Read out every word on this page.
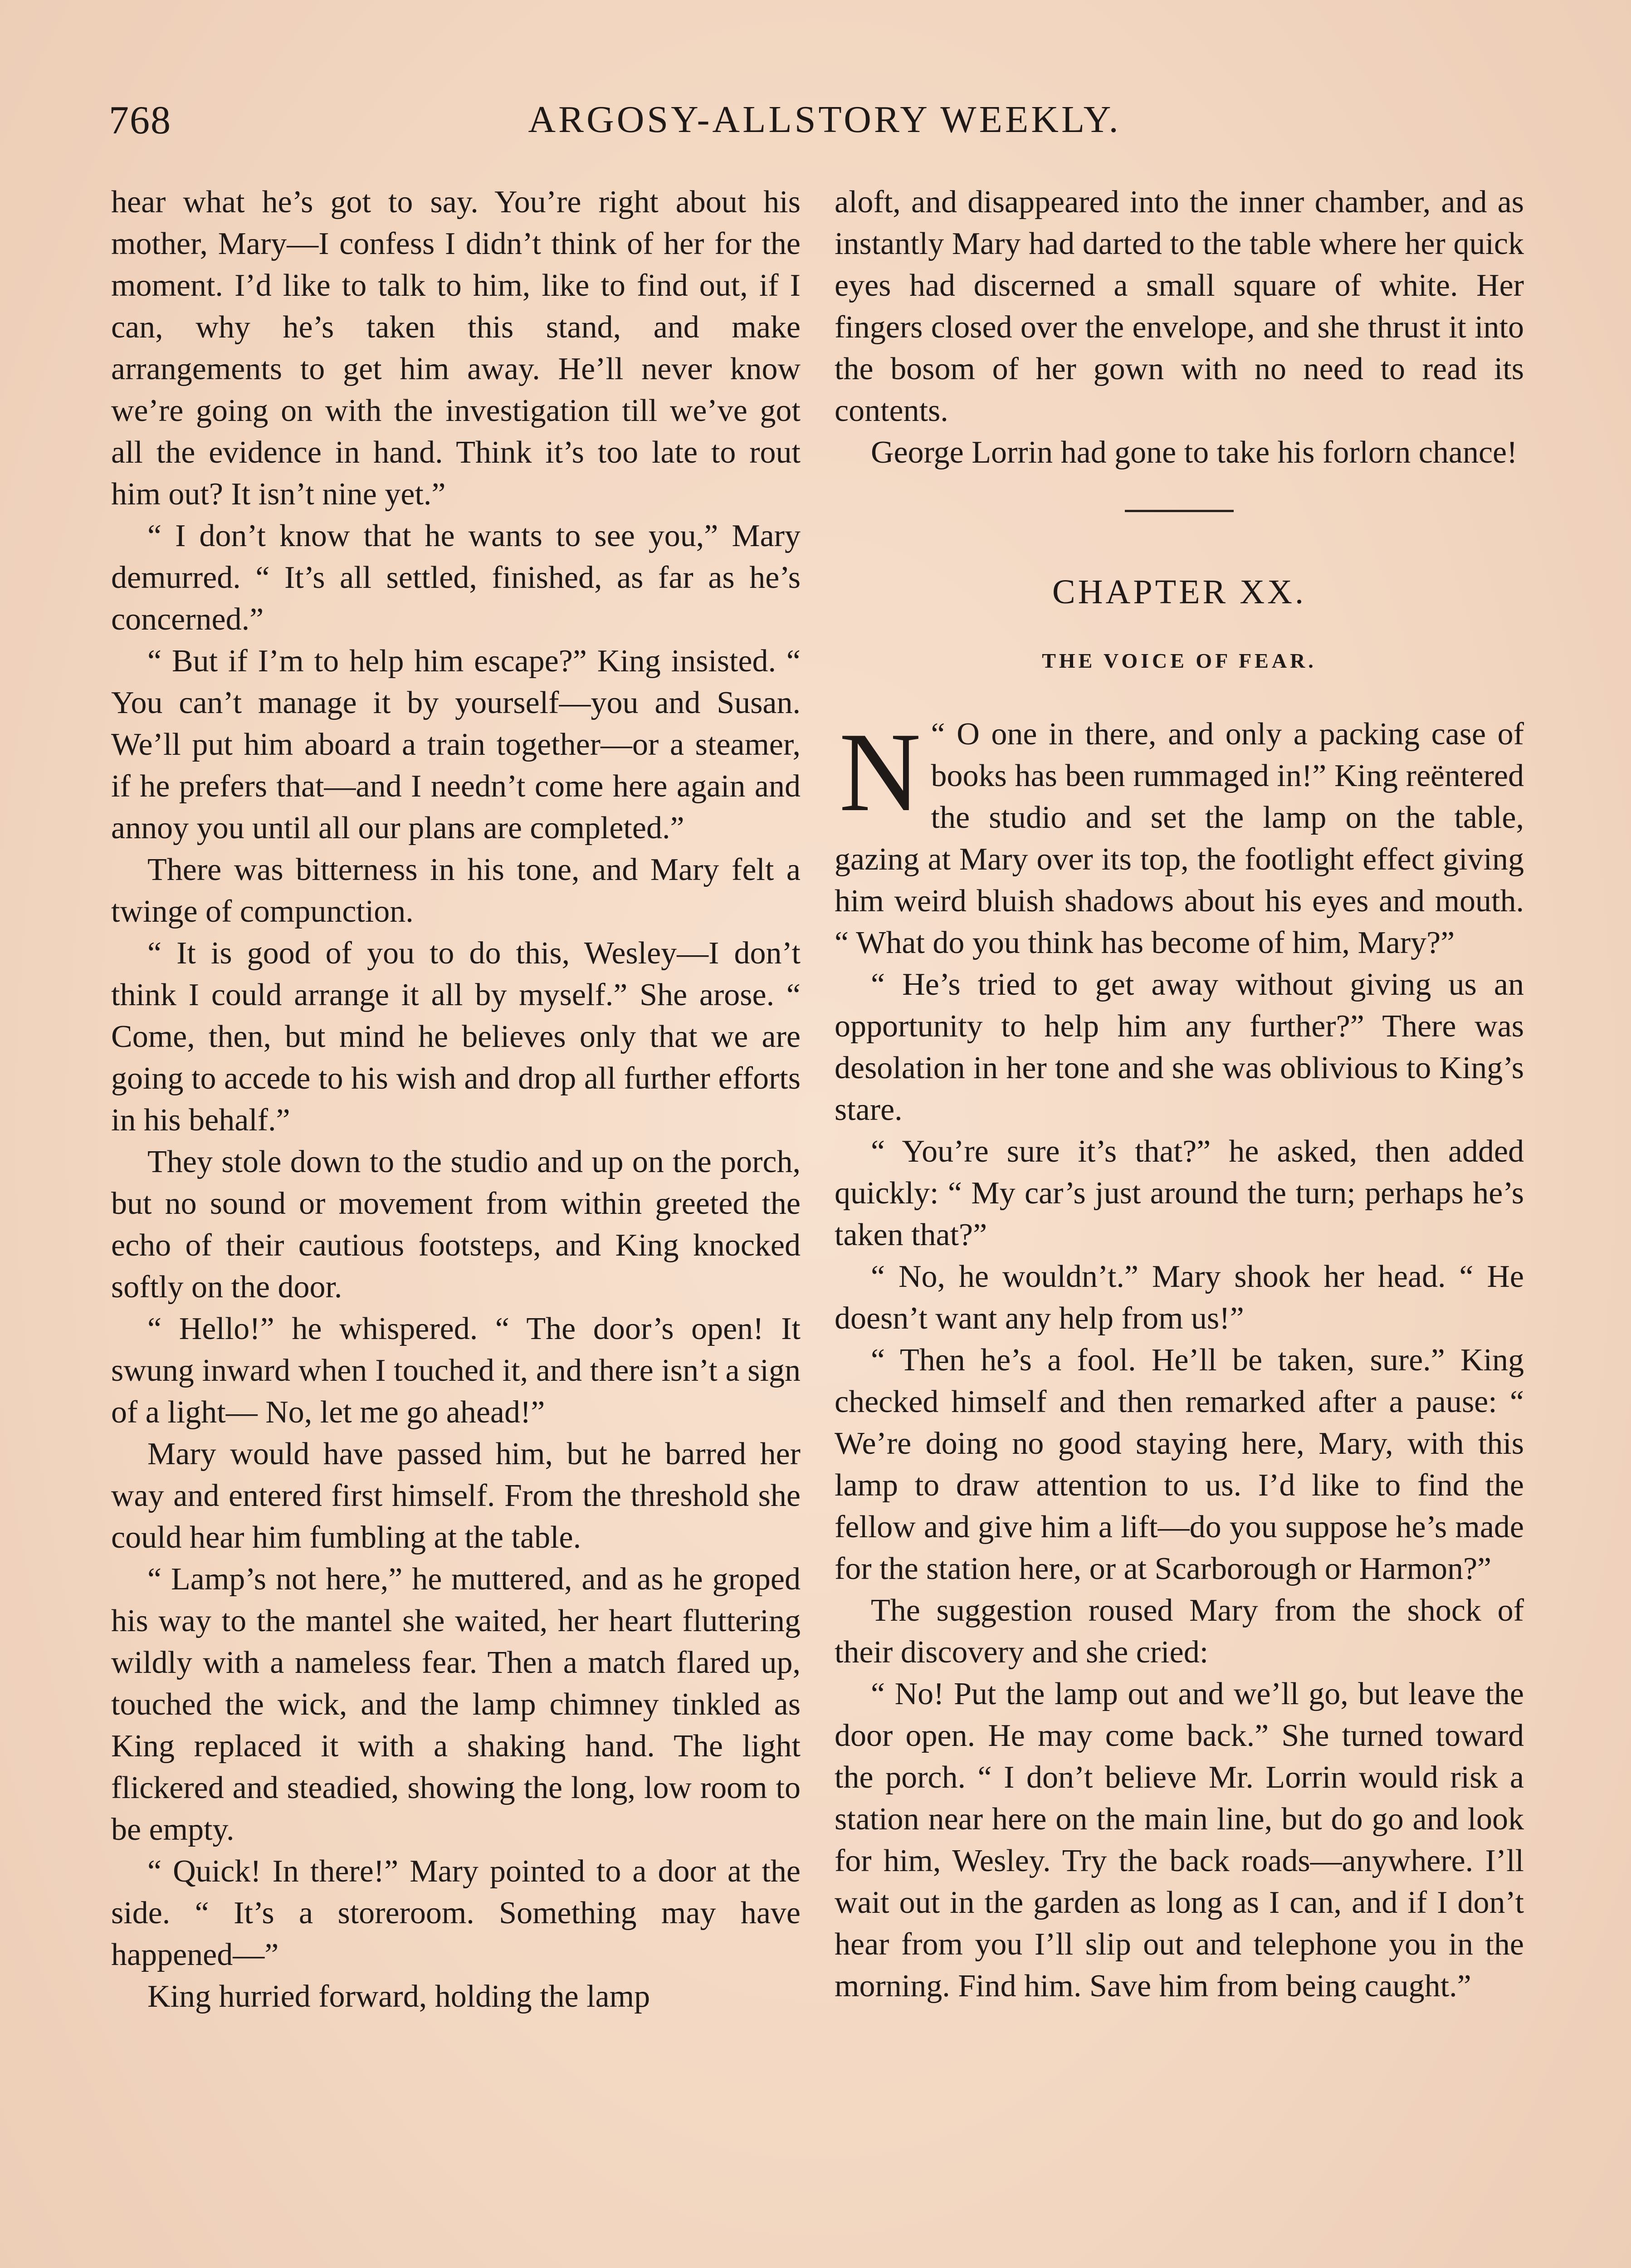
768	ARGOSY-ALLSTORY WEEKLY.

hear what he’s got to say. You’re right about his mother, Mary—I confess I didn’t think of her for the moment. I’d like to talk to him, like to find out, if I can, why he’s taken this stand, and make arrangements to get him away. He’ll never know we’re going on with the investigation till we’ve got all the evidence in hand. Think it’s too late to rout him out? It isn’t nine yet.”

“ I don’t know that he wants to see you,” Mary demurred. “ It’s all settled, finished, as far as he’s concerned.”

“ But if I’m to help him escape?” King insisted. “ You can’t manage it by yourself—you and Susan. We’ll put him aboard a train together—or a steamer, if he prefers that—and I needn’t come here again and annoy you until all our plans are completed.”

There was bitterness in his tone, and Mary felt a twinge of compunction.

“ It is good of you to do this, Wesley—I don’t think I could arrange it all by myself.” She arose. “ Come, then, but mind he believes only that we are going to accede to his wish and drop all further efforts in his behalf.”

They stole down to the studio and up on the porch, but no sound or movement from within greeted the echo of their cautious footsteps, and King knocked softly on the door.

“ Hello!” he whispered. “ The door’s open! It swung inward when I touched it, and there isn’t a sign of a light— No, let me go ahead!”

Mary would have passed him, but he barred her way and entered first himself. From the threshold she could hear him fumbling at the table.

“ Lamp’s not here,” he muttered, and as he groped his way to the mantel she waited, her heart fluttering wildly with a nameless fear. Then a match flared up, touched the wick, and the lamp chimney tinkled as King replaced it with a shaking hand. The light flickered and steadied, showing the long, low room to be empty.

“ Quick! In there!” Mary pointed to a door at the side. “ It’s a storeroom. Something may have happened—”

King hurried forward, holding the lamp

aloft, and disappeared into the inner chamber, and as instantly Mary had darted to the table where her quick eyes had discerned a small square of white. Her fingers closed over the envelope, and she thrust it into the bosom of her gown with no need to read its contents.

George Lorrin had gone to take his forlorn chance!

CHAPTER XX.
THE VOICE OF FEAR.
N “ O one in there, and only a packing case of books has been rummaged in!” King reëntered the studio and set the lamp on the table, gazing at Mary over its top, the footlight effect giving him weird bluish shadows about his eyes and mouth. “ What do you think has become of him, Mary?”

“ He’s tried to get away without giving us an opportunity to help him any further?” There was desolation in her tone and she was oblivious to King’s stare.

“ You’re sure it’s that?” he asked, then added quickly: “ My car’s just around the turn; perhaps he’s taken that?”

“ No, he wouldn’t.” Mary shook her head. “ He doesn’t want any help from us!”

“ Then he’s a fool. He’ll be taken, sure.” King checked himself and then remarked after a pause: “ We’re doing no good staying here, Mary, with this lamp to draw attention to us. I’d like to find the fellow and give him a lift—do you suppose he’s made for the station here, or at Scarborough or Harmon?”

The suggestion roused Mary from the shock of their discovery and she cried:

“ No! Put the lamp out and we’ll go, but leave the door open. He may come back.” She turned toward the porch. “ I don’t believe Mr. Lorrin would risk a station near here on the main line, but do go and look for him, Wesley. Try the back roads—anywhere. I’ll wait out in the garden as long as I can, and if I don’t hear from you I’ll slip out and telephone you in the morning. Find him. Save him from being caught.”
